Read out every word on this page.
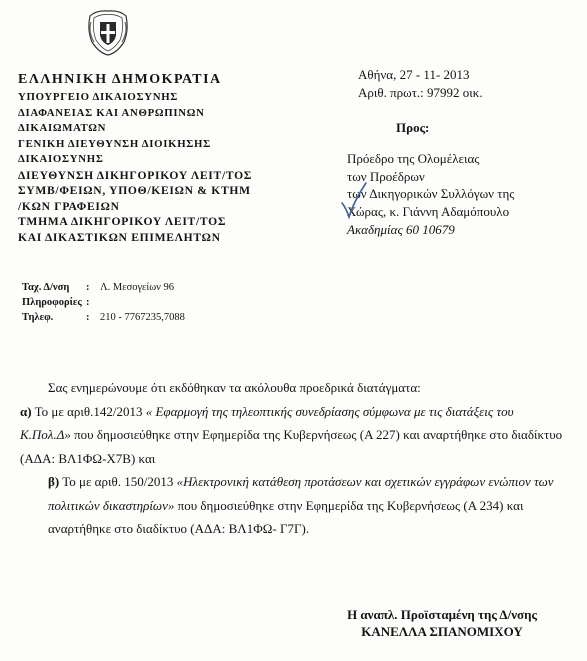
ΕΛΛΗΝΙΚΗ ΔΗΜΟΚΡΑΤΙΑ
ΥΠΟΥΡΓΕΙΟ ΔΙΚΑΙΟΣΥΝΗΣ
ΔΙΑΦΑΝΕΙΑΣ ΚΑΙ ΑΝΘΡΩΠΙΝΩΝ
ΔΙΚΑΙΩΜΑΤΩΝ
ΓΕΝΙΚΗ ΔΙΕΥΘΥΝΣΗ ΔΙΟΙΚΗΣΗΣ
ΔΙΚΑΙΟΣΥΝΗΣ
ΔΙΕΥΘΥΝΣΗ ΔΙΚΗΓΟΡΙΚΟΥ ΛΕΙΤ/ΤΟΣ
ΣΥΜΒ/ΦΕΙΩΝ, ΥΠΟΘ/ΚΕΙΩΝ & ΚΤΗΜ
/ΚΩΝ ΓΡΑΦΕΙΩΝ
ΤΜΗΜΑ ΔΙΚΗΓΟΡΙΚΟΥ ΛΕΙΤ/ΤΟΣ
ΚΑΙ ΔΙΚΑΣΤΙΚΩΝ ΕΠΙΜΕΛΗΤΩΝ
Αθήνα, 27 - 11- 2013
Αριθ. πρωτ.: 97992 οικ.
Προς:
Πρόεδρο της Ολομέλειας
των Προέδρων
των Δικηγορικών Συλλόγων της
Χώρας, κ. Γιάννη Αδαμόπουλο
Ακαδημίας 60 10679
Ταχ. Δ/νση	:	Λ. Μεσογείων 96
Πληροφορίες :
Τηλεφ.	:	210 - 7767235,7088

Σας ενημερώνουμε ότι εκδόθηκαν τα ακόλουθα προεδρικά διατάγματα:

α) Το με αριθ.142/2013 « Εφαρμογή της τηλεοπτικής συνεδρίασης σύμφωνα με τις διατάξεις του Κ.Πολ.Δ» που δημοσιεύθηκε στην Εφημερίδα της Κυβερνήσεως (Α 227) και αναρτήθηκε στο διαδίκτυο (ΑΔΑ: ΒΛ1ΦΩ-Χ7Β) και

β) Το με αριθ. 150/2013 «Ηλεκτρονική κατάθεση προτάσεων και σχετικών εγγράφων ενώπιον των πολιτικών δικαστηρίων» που δημοσιεύθηκε στην Εφημερίδα της Κυβερνήσεως (Α 234) και αναρτήθηκε στο διαδίκτυο (ΑΔΑ: ΒΛ1ΦΩ- Γ7Γ).

Η αναπλ. Προϊσταμένη της Δ/νσης
ΚΑΝΕΛΛΑ ΣΠΑΝΟΜΙΧΟΥ
